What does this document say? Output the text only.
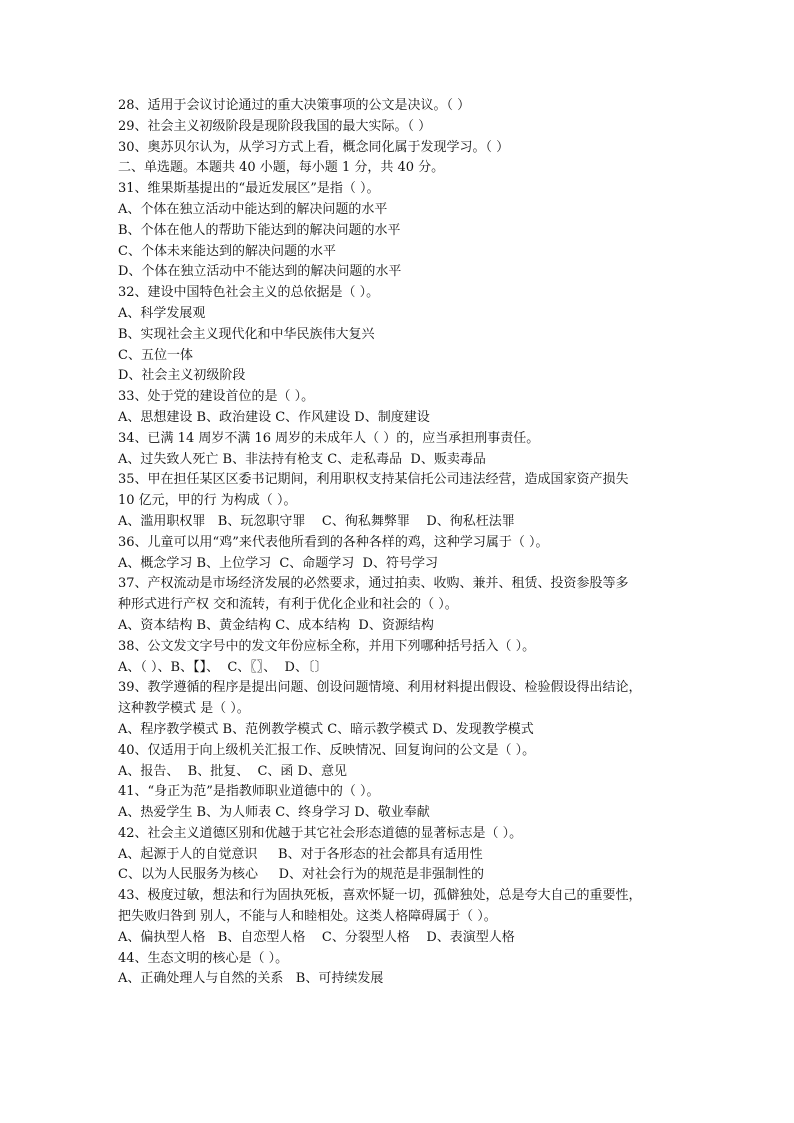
28、适用于会议讨论通过的重大决策事项的公文是决议。（ ）
29、社会主义初级阶段是现阶段我国的最大实际。（ ）
30、奥苏贝尔认为，从学习方式上看，概念同化属于发现学习。（ ）
二、单选题。本题共 40 小题，每小题 1 分，共 40 分。
31、维果斯基提出的“最近发展区”是指（ ）。
A、个体在独立活动中能达到的解决问题的水平
B、个体在他人的帮助下能达到的解决问题的水平
C、个体未来能达到的解决问题的水平
D、个体在独立活动中不能达到的解决问题的水平
32、建设中国特色社会主义的总依据是（ ）。
A、科学发展观
B、实现社会主义现代化和中华民族伟大复兴
C、五位一体
D、社会主义初级阶段
33、处于党的建设首位的是（ ）。
A、思想建设 B、政治建设 C、作风建设 D、制度建设
34、已满 14 周岁不满 16 周岁的未成年人（ ）的，应当承担刑事责任。
A、过失致人死亡 B、非法持有枪支 C、走私毒品  D、贩卖毒品
35、甲在担任某区区委书记期间，利用职权支持某信托公司违法经营，造成国家资产损失
10 亿元，甲的行 为构成（ ）。
A、滥用职权罪   B、玩忽职守罪    C、徇私舞弊罪    D、徇私枉法罪
36、儿童可以用“鸡”来代表他所看到的各种各样的鸡，这种学习属于（ ）。
A、概念学习 B、上位学习  C、命题学习  D、符号学习
37、产权流动是市场经济发展的必然要求，通过拍卖、收购、兼并、租赁、投资参股等多
种形式进行产权 交和流转，有利于优化企业和社会的（ ）。
A、资本结构 B、黄金结构 C、成本结构  D、资源结构
38、公文发文字号中的发文年份应标全称，并用下列哪种括号括入（ ）。
A、（ ）、B、【】、  C、〖〗、  D、〔〕
39、教学遵循的程序是提出问题、创设问题情境、利用材料提出假设、检验假设得出结论，
这种教学模式 是（ ）。
A、程序教学模式 B、范例教学模式 C、暗示教学模式 D、发现教学模式
40、仅适用于向上级机关汇报工作、反映情况、回复询问的公文是（ ）。
A、报告、  B、批复、  C、函 D、意见
41、“身正为范”是指教师职业道德中的（ ）。
A、热爱学生 B、为人师表 C、终身学习 D、敬业奉献
42、社会主义道德区别和优越于其它社会形态道德的显著标志是（ ）。
A、起源于人的自觉意识     B、对于各形态的社会都具有适用性
C、以为人民服务为核心     D、对社会行为的规范是非强制性的
43、极度过敏，想法和行为固执死板，喜欢怀疑一切，孤僻独处，总是夸大自己的重要性，
把失败归咎到 别人，不能与人和睦相处。这类人格障碍属于（ ）。
A、偏执型人格   B、自恋型人格    C、分裂型人格    D、表演型人格
44、生态文明的核心是（ ）。
A、正确处理人与自然的关系   B、可持续发展
